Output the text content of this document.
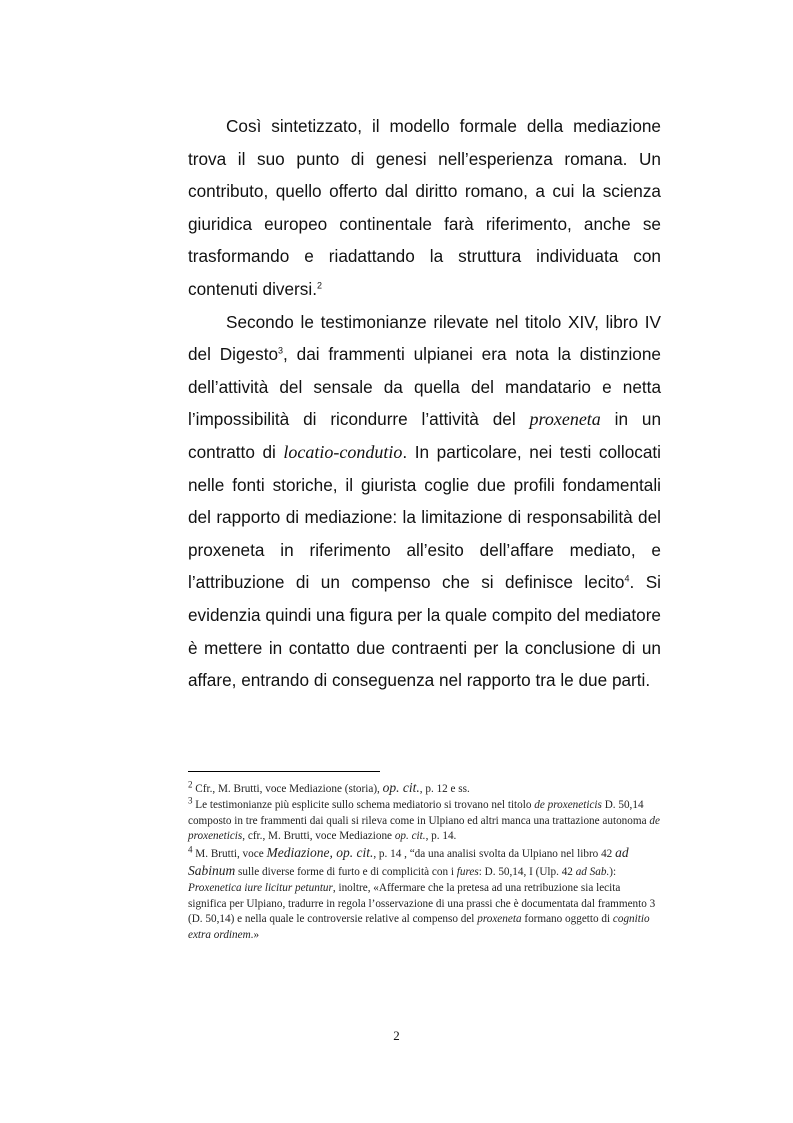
Così sintetizzato, il modello formale della mediazione trova il suo punto di genesi nell’esperienza romana. Un contributo, quello offerto dal diritto romano, a cui la scienza giuridica europeo continentale farà riferimento, anche se trasformando e riadattando la struttura individuata con contenuti diversi.$^2$

Secondo le testimonianze rilevate nel titolo XIV, libro IV del Digesto$^3$, dai frammenti ulpianei era nota la distinzione dell’attività del sensale da quella del mandatario e netta l’impossibilità di ricondurre l’attività del proxeneta in un contratto di locatio-condutio. In particolare, nei testi collocati nelle fonti storiche, il giurista coglie due profili fondamentali del rapporto di mediazione: la limitazione di responsabilità del proxeneta in riferimento all’esito dell’affare mediato, e l’attribuzione di un compenso che si definisce lecito$^4$. Si evidenzia quindi una figura per la quale compito del mediatore è mettere in contatto due contraenti per la conclusione di un affare, entrando di conseguenza nel rapporto tra le due parti.

$^2$ Cfr., M. Brutti, voce Mediazione (storia), op. cit., p. 12 e ss.

$^3$ Le testimonianze più esplicite sullo schema mediatorio si trovano nel titolo de proxeneticis D. 50,14 composto in tre frammenti dai quali si rileva come in Ulpiano ed altri manca una trattazione autonoma de proxeneticis, cfr., M. Brutti, voce Mediazione op. cit., p. 14.

$^4$ M. Brutti, voce Mediazione, op. cit., p. 14 , “da una analisi svolta da Ulpiano nel libro 42 ad Sabinum sulle diverse forme di furto e di complicità con i fures: D. 50,14, I (Ulp. 42 ad Sab.): Proxenetica iure licitur petuntur, inoltre, «Affermare che la pretesa ad una retribuzione sia lecita significa per Ulpiano, tradurre in regola l’osservazione di una prassi che è documentata dal frammento 3 (D. 50,14) e nella quale le controversie relative al compenso del proxeneta formano oggetto di cognitio extra ordinem.»

2
